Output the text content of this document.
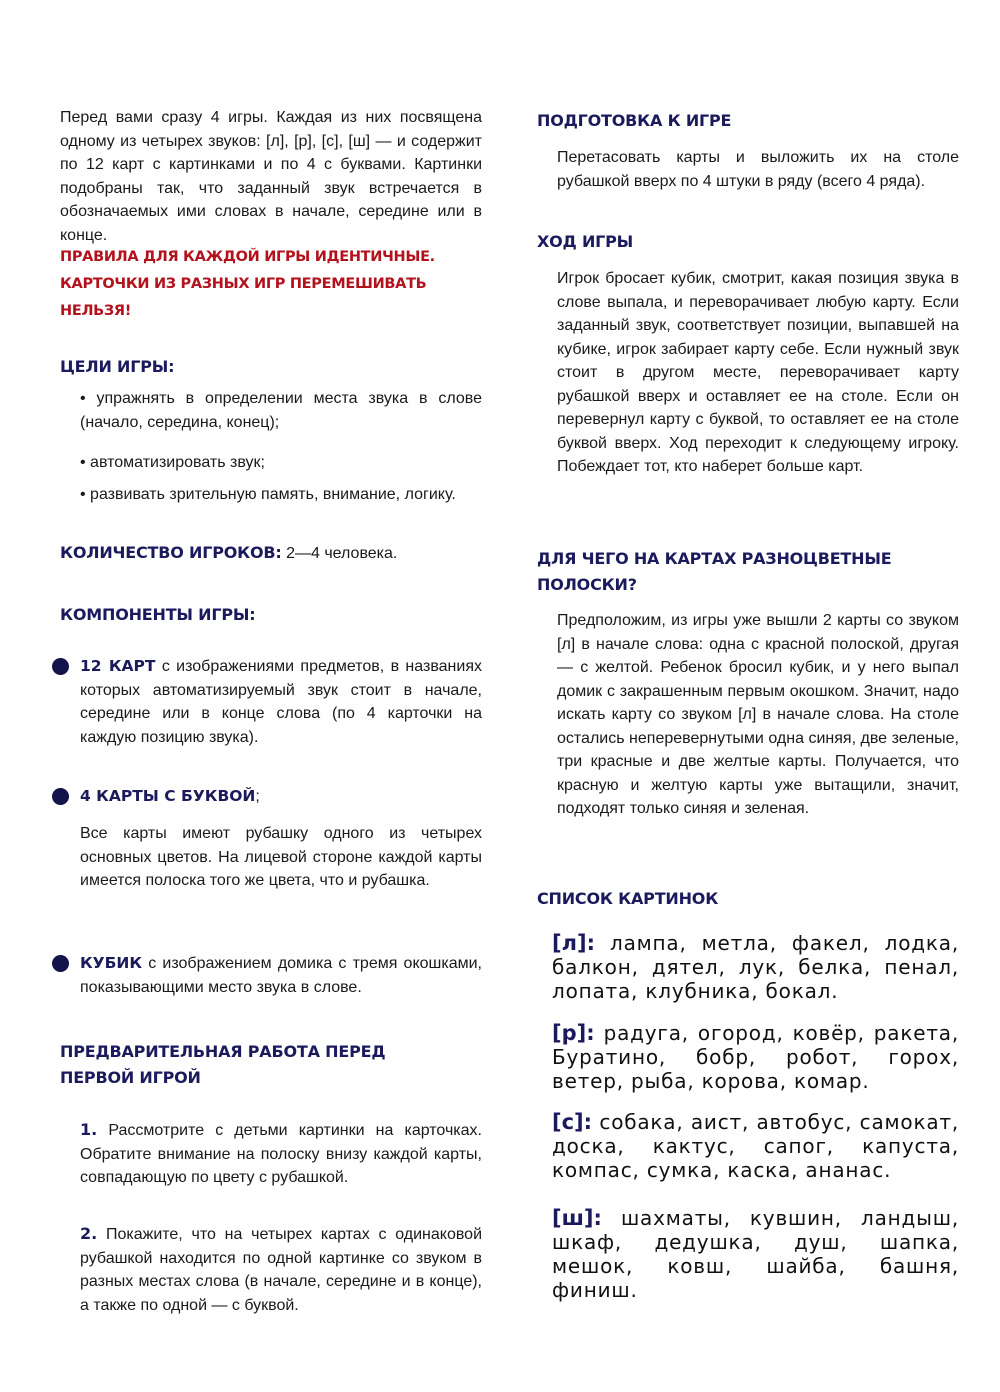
Перед вами сразу 4 игры. Каждая из них посвящена одному из четырех звуков: [л], [р], [с], [ш] — и содержит по 12 карт с картинками и по 4 с буквами. Картинки подобраны так, что заданный звук встречается в обозначаемых ими словах в начале, середине или в конце.
ПРАВИЛА ДЛЯ КАЖДОЙ ИГРЫ ИДЕНТИЧНЫЕ. КАРТОЧКИ ИЗ РАЗНЫХ ИГР ПЕРЕМЕШИВАТЬ НЕЛЬЗЯ!
ЦЕЛИ ИГРЫ:
• упражнять в определении места звука в слове (начало, середина, конец);
• автоматизировать звук;
• развивать зрительную память, внимание, логику.
КОЛИЧЕСТВО ИГРОКОВ: 2—4 человека.
КОМПОНЕНТЫ ИГРЫ:
12 КАРТ с изображениями предметов, в названиях которых автоматизируемый звук стоит в начале, середине или в конце слова (по 4 карточки на каждую позицию звука).
4 КАРТЫ С БУКВОЙ;
Все карты имеют рубашку одного из четырех основных цветов. На лицевой стороне каждой карты имеется полоска того же цвета, что и рубашка.
КУБИК с изображением домика с тремя окошками, показывающими место звука в слове.
ПРЕДВАРИТЕЛЬНАЯ РАБОТА ПЕРЕД
ПЕРВОЙ ИГРОЙ
1. Рассмотрите с детьми картинки на карточках. Обратите внимание на полоску внизу каждой карты, совпадающую по цвету с рубашкой.
2. Покажите, что на четырех картах с одинаковой рубашкой находится по одной картинке со звуком в разных местах слова (в начале, середине и в конце), а также по одной — с буквой.
ПОДГОТОВКА К ИГРЕ
Перетасовать карты и выложить их на столе рубашкой вверх по 4 штуки в ряду (всего 4 ряда).
ХОД ИГРЫ
Игрок бросает кубик, смотрит, какая позиция звука в слове выпала, и переворачивает любую карту. Если заданный звук, соответствует позиции, выпавшей на кубике, игрок забирает карту себе. Если нужный звук стоит в другом месте, переворачивает карту рубашкой вверх и оставляет ее на столе. Если он перевернул карту с буквой, то оставляет ее на столе буквой вверх. Ход переходит к следующему игроку. Побеждает тот, кто наберет больше карт.
ДЛЯ ЧЕГО НА КАРТАХ РАЗНОЦВЕТНЫЕ
ПОЛОСКИ?
Предположим, из игры уже вышли 2 карты со звуком [л] в начале слова: одна с красной полоской, другая — с желтой. Ребенок бросил кубик, и у него выпал домик с закрашенным первым окошком. Значит, надо искать карту со звуком [л] в начале слова. На столе остались неперевернутыми одна синяя, две зеленые, три красные и две желтые карты. Получается, что красную и желтую карты уже вытащили, значит, подходят только синяя и зеленая.
СПИСОК КАРТИНОК
[л]: лампа, метла, факел, лодка, балкон, дятел, лук, белка, пенал, лопата, клубника, бокал.
[р]: радуга, огород, ковёр, ракета, Буратино, бобр, робот, горох, ветер, рыба, корова, комар.
[с]: собака, аист, автобус, самокат, доска, кактус, сапог, капуста, компас, сумка, каска, ананас.
[ш]: шахматы, кувшин, ландыш, шкаф, дедушка, душ, шапка, мешок, ковш, шайба, башня, финиш.
